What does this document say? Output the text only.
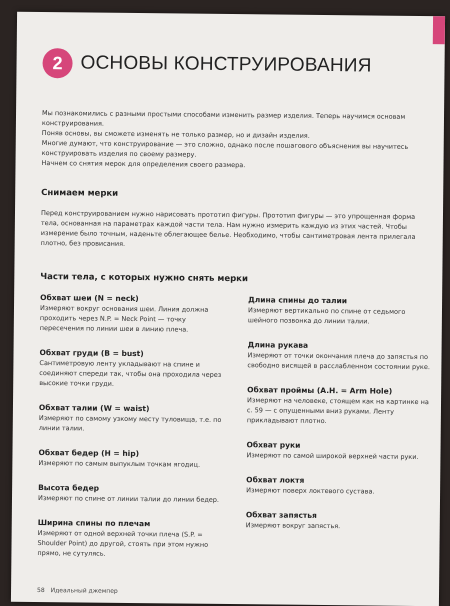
2 ОСНОВЫ КОНСТРУИРОВАНИЯ

Мы познакомились с разными простыми способами изменить размер изделия. Теперь научимся основам конструирования.

Поняв основы, вы сможете изменять не только размер, но и дизайн изделия.

Многие думают, что конструирование — это сложно, однако после пошагового объяснения вы научитесь конструировать изделия по своему размеру.

Начнем со снятия мерок для определения своего размера.

Снимаем мерки
Перед конструированием нужно нарисовать прототип фигуры. Прототип фигуры — это упрощенная форма тела, основанная на параметрах каждой части тела. Нам нужно измерить каждую из этих частей. Чтобы измерение было точным, наденьте облегающее белье. Необходимо, чтобы сантиметровая лента прилегала плотно, без провисания.
Части тела, с которых нужно снять мерки
Обхват шеи (N = neck)
Измеряют вокруг основания шеи. Линия должна проходить через N.P. = Neck Point — точку пересечения по линии шеи в линию плеча.
Обхват груди (B = bust)
Сантиметровую ленту укладывают на спине и соединяют спереди так, чтобы она проходила через высокие точки груди.
Обхват талии (W = waist)
Измеряют по самому узкому месту туловища, т.е. по линии талии.
Обхват бедер (H = hip)
Измеряют по самым выпуклым точкам ягодиц.
Высота бедер
Измеряют по спине от линии талии до линии бедер.
Ширина спины по плечам
Измеряют от одной верхней точки плеча (S.P. = Shoulder Point) до другой, стоять при этом нужно прямо, не сутулясь.
Длина спины до талии
Измеряют вертикально по спине от седьмого шейного позвонка до линии талии.
Длина рукава
Измеряют от точки окончания плеча до запястья по свободно висящей в расслабленном состоянии руке.
Обхват проймы (A.H. = Arm Hole)
Измеряют на человеке, стоящем как на картинке на с. 59 — с опущенными вниз руками. Ленту прикладывают плотно.
Обхват руки
Измеряют по самой широкой верхней части руки.
Обхват локтя
Измеряют поверх локтевого сустава.
Обхват запястья
Измеряют вокруг запястья.
58 Идеальный джемпер
